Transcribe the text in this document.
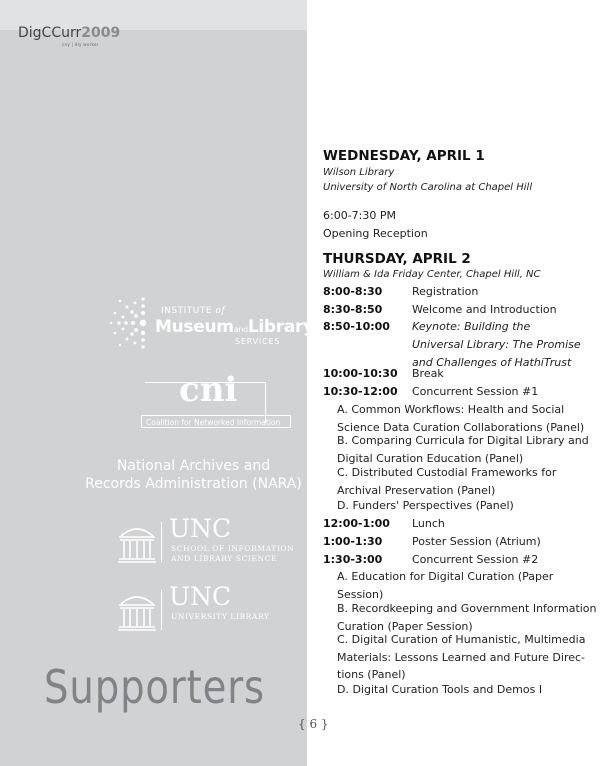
DigCCurr2009
cny | dly worker
INSTITUTE of
MuseumandLibrary
SERVICES
cni
Coalition for Networked Information
National Archives and
Records Administration (NARA)
UNC
SCHOOL OF INFORMATION
AND LIBRARY SCIENCE
UNC
UNIVERSITY LIBRARY
Supporters
{ 6 }
WEDNESDAY, APRIL 1
Wilson Library
University of North Carolina at Chapel Hill
6:00-7:30 PM
Opening Reception
THURSDAY, APRIL 2
William & Ida Friday Center, Chapel Hill, NC
8:00-8:30	Registration
8:30-8:50	Welcome and Introduction
8:50-10:00 Keynote: Building the
Universal Library: The Promise
and Challenges of HathiTrust
10:00-10:30 Break
10:30-12:00 Concurrent Session #1
A. Common Workflows: Health and Social
Science Data Curation Collaborations (Panel)
B. Comparing Curricula for Digital Library and
Digital Curation Education (Panel)
C. Distributed Custodial Frameworks for
Archival Preservation (Panel)
D. Funders' Perspectives (Panel)
12:00-1:00 Lunch
1:00-1:30	Poster Session (Atrium)
1:30-3:00	Concurrent Session #2
A. Education for Digital Curation (Paper
Session)
B. Recordkeeping and Government Information
Curation (Paper Session)
C. Digital Curation of Humanistic, Multimedia
Materials: Lessons Learned and Future Direc-
tions (Panel)
D. Digital Curation Tools and Demos I
